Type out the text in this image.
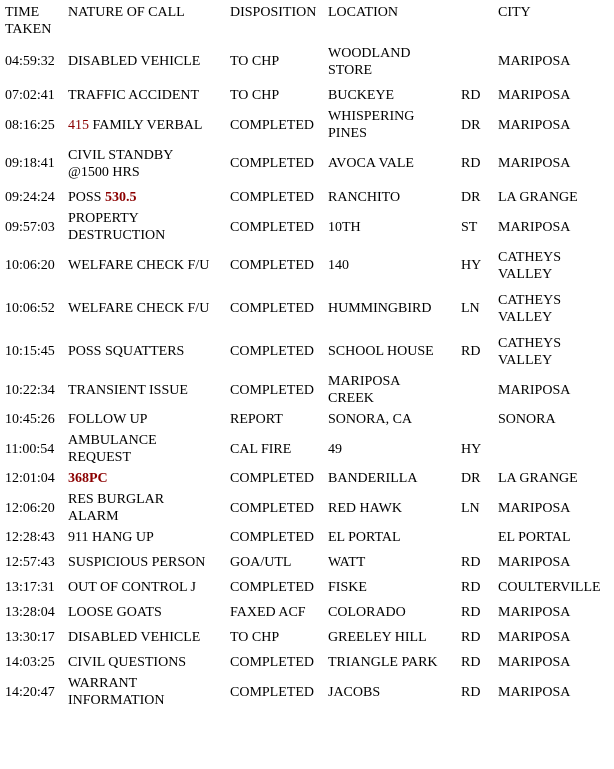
TIME
TAKEN	NATURE OF CALL	DISPOSITION	LOCATION		CITY
04:59:32	DISABLED VEHICLE	TO CHP	WOODLAND
STORE		MARIPOSA
07:02:41	TRAFFIC ACCIDENT	TO CHP	BUCKEYE	RD	MARIPOSA
08:16:25	415 FAMILY VERBAL	COMPLETED	WHISPERING
PINES	DR	MARIPOSA
09:18:41	CIVIL STANDBY
@1500 HRS	COMPLETED	AVOCA VALE	RD	MARIPOSA
09:24:24	POSS 530.5	COMPLETED	RANCHITO	DR	LA GRANGE
09:57:03	PROPERTY
DESTRUCTION	COMPLETED	10TH	ST	MARIPOSA
10:06:20	WELFARE CHECK F/U	COMPLETED	140	HY	CATHEYS
VALLEY
10:06:52	WELFARE CHECK F/U	COMPLETED	HUMMINGBIRD	LN	CATHEYS
VALLEY
10:15:45	POSS SQUATTERS	COMPLETED	SCHOOL HOUSE	RD	CATHEYS
VALLEY
10:22:34	TRANSIENT ISSUE	COMPLETED	MARIPOSA
CREEK		MARIPOSA
10:45:26	FOLLOW UP	REPORT	SONORA, CA		SONORA
11:00:54	AMBULANCE
REQUEST	CAL FIRE	49	HY	
12:01:04	368PC	COMPLETED	BANDERILLA	DR	LA GRANGE
12:06:20	RES BURGLAR
ALARM	COMPLETED	RED HAWK	LN	MARIPOSA
12:28:43	911 HANG UP	COMPLETED	EL PORTAL		EL PORTAL
12:57:43	SUSPICIOUS PERSON	GOA/UTL	WATT	RD	MARIPOSA
13:17:31	OUT OF CONTROL J	COMPLETED	FISKE	RD	COULTERVILLE
13:28:04	LOOSE GOATS	FAXED ACF	COLORADO	RD	MARIPOSA
13:30:17	DISABLED VEHICLE	TO CHP	GREELEY HILL	RD	MARIPOSA
14:03:25	CIVIL QUESTIONS	COMPLETED	TRIANGLE PARK	RD	MARIPOSA
14:20:47	WARRANT
INFORMATION	COMPLETED	JACOBS	RD	MARIPOSA
